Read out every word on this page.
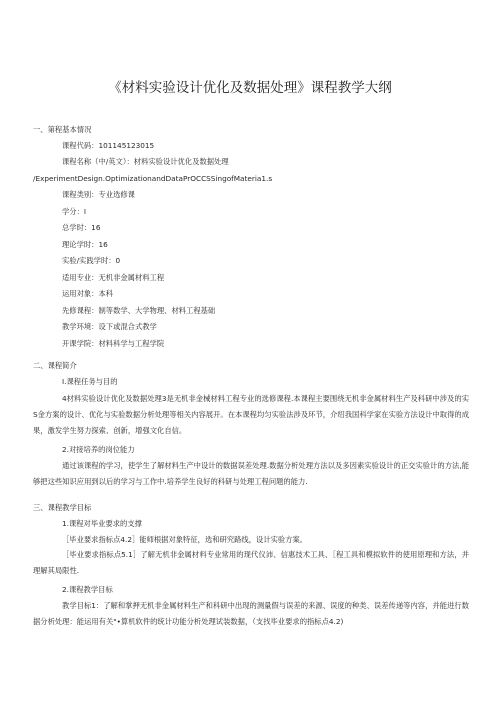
《材料实验设计优化及数据处理》课程教学大纲
一、第程基本情况
课程代码：101145123015
课程名称（中/英文）：材料实验设计优化及数据处理
/ExperimentDesign.OptimizationandDataPrOCCSSingofMateria1.s
课程类别：专业选修课
学分：I
总学时：16
理论学时：16
实验/实践学时：0
适用专业：无机非金属材料工程
运用对象：本科
先修课程：制等数学、大学物理、材料工程基础
教学环境：设下或混合式教学
开课学院：材料科学与工程学院
二、课程简介
I.课程任务与目的
4材料实验设计优化及数据处理3是无机非金械材料工程专业的选修课程.本课程主要围绕无机非金属材料生产及科研中涉及的实S金方案的设计、优化与实验数据分析处理等相关内容展开。在本课程均匀实验法涉及环节，介绍我国科学家在实验方法设计中取得的成果，激发学生努力探索、创新，增强文化自信。
2.对接培养的岗位能力
通过该课程的学习，使学生了解材料生产中设计的数据误差处理.数据分析处理方法以及多因素实验设计的正交实验计的方法,能够把这些知识应用到以后的学习与工作中.培养学生良好的科研与处理工程问题的能力.
三、课程教学目标
1.课程对毕业要求的支撑
［毕业要求指标点4.2］能师根据对象特征，选和研究路线，设计实验方案。
［毕业要求指标点5.1］了解无机非金属材料专业常用的现代仪沛、信惠技术工具、［程工具和模拟软件的使用原理和方法，并理解其局限性.
2.课程教学目标
教学目标1：了解和掌押无机非金属材料生产和科研中出现的测量假与误差的来源、误度的种类、误差传递等内容，并能进行数据分析处理：能运用有关"•算机软件的统计功能分析处理试装数据，（支找毕业要求的指标点4.2)
